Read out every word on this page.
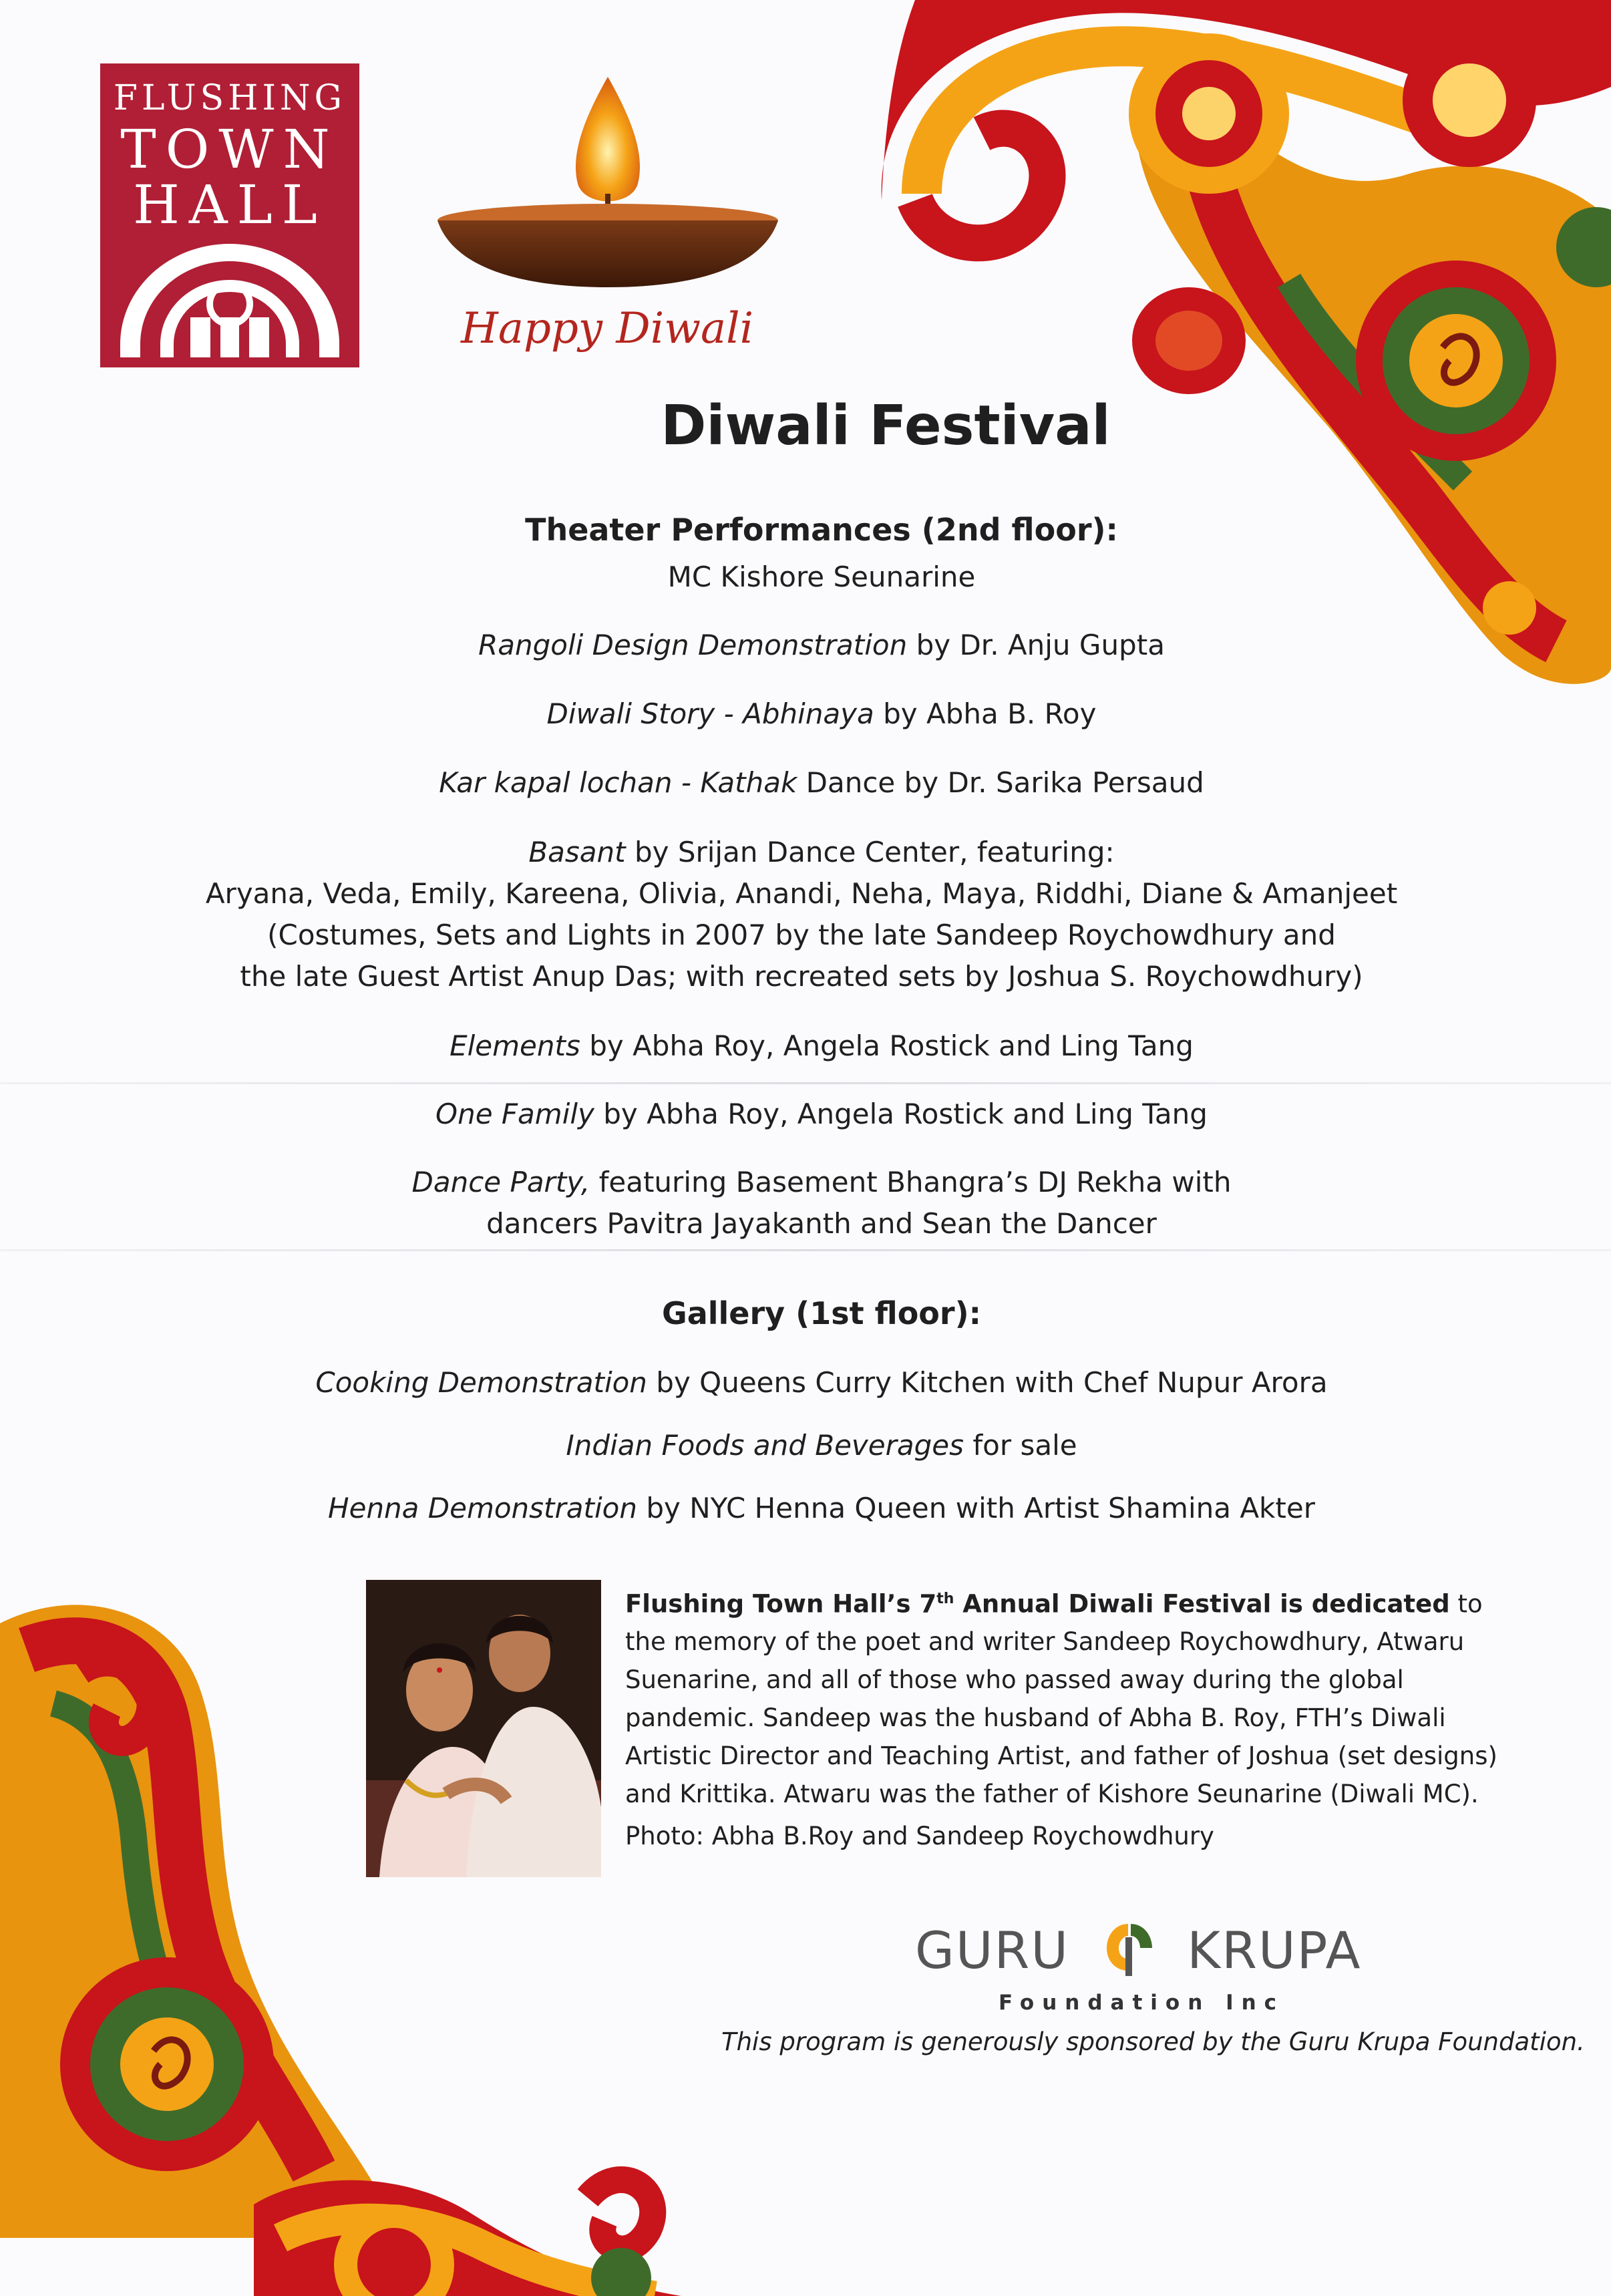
FLUSHING
TOWN
HALL
Happy Diwali
Diwali Festival
Theater Performances (2nd floor):
MC Kishore Seunarine
Rangoli Design Demonstration by Dr. Anju Gupta
Diwali Story - Abhinaya by Abha B. Roy
Kar kapal lochan - Kathak Dance by Dr. Sarika Persaud
Basant by Srijan Dance Center, featuring:
Aryana, Veda, Emily, Kareena, Olivia, Anandi, Neha, Maya, Riddhi, Diane & Amanjeet
(Costumes, Sets and Lights in 2007 by the late Sandeep Roychowdhury and
the late Guest Artist Anup Das; with recreated sets by Joshua S. Roychowdhury)
Elements by Abha Roy, Angela Rostick and Ling Tang
One Family by Abha Roy, Angela Rostick and Ling Tang
Dance Party, featuring Basement Bhangra’s DJ Rekha with
dancers Pavitra Jayakanth and Sean the Dancer
Gallery (1st floor):
Cooking Demonstration by Queens Curry Kitchen with Chef Nupur Arora
Indian Foods and Beverages for sale
Henna Demonstration by NYC Henna Queen with Artist Shamina Akter
Flushing Town Hall’s 7th Annual Diwali Festival is dedicated to the memory of the poet and writer Sandeep Roychowdhury, Atwaru Suenarine, and all of those who passed away during the global pandemic. Sandeep was the husband of Abha B. Roy, FTH’s Diwali Artistic Director and Teaching Artist, and father of Joshua (set designs) and Krittika. Atwaru was the father of Kishore Seunarine (Diwali MC).
Photo: Abha B.Roy and Sandeep Roychowdhury
GURU KRUPA
Foundation Inc
This program is generously sponsored by the Guru Krupa Foundation.
